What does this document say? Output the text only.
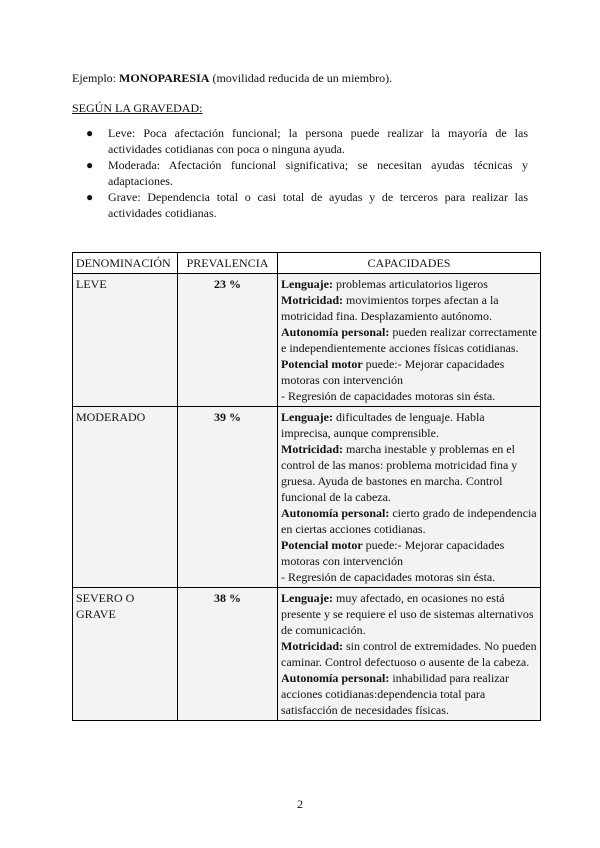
Ejemplo: MONOPARESIA (movilidad reducida de un miembro).
SEGÚN LA GRAVEDAD:
● Leve: Poca afectación funcional; la persona puede realizar la mayoría de las actividades cotidianas con poca o ninguna ayuda.
● Moderada: Afectación funcional significativa; se necesitan ayudas técnicas y adaptaciones.
● Grave: Dependencia total o casi total de ayudas y de terceros para realizar las actividades cotidianas.
DENOMINACIÓN	PREVALENCIA	CAPACIDADES
LEVE	23 %	Lenguaje: problemas articulatorios ligeros

Motricidad: movimientos torpes afectan a la motricidad fina. Desplazamiento autónomo.

Autonomía personal: pueden realizar correctamente e independientemente acciones físicas cotidianas.

Potencial motor puede:- Mejorar capacidades motoras con intervención

- Regresión de capacidades motoras sin ésta.

MODERADO	39 %	Lenguaje: dificultades de lenguaje. Habla imprecisa, aunque comprensible.

Motricidad: marcha inestable y problemas en el control de las manos: problema motricidad fina y gruesa. Ayuda de bastones en marcha. Control funcional de la cabeza.

Autonomía personal: cierto grado de independencia en ciertas acciones cotidianas.

Potencial motor puede:- Mejorar capacidades motoras con intervención

- Regresión de capacidades motoras sin ésta.

SEVERO O GRAVE	38 %	Lenguaje: muy afectado, en ocasiones no está presente y se requiere el uso de sistemas alternativos de comunicación.

Motricidad: sin control de extremidades. No pueden caminar. Control defectuoso o ausente de la cabeza.

Autonomía personal: inhabilidad para realizar acciones cotidianas:dependencia total para satisfacción de necesidades físicas.

2
